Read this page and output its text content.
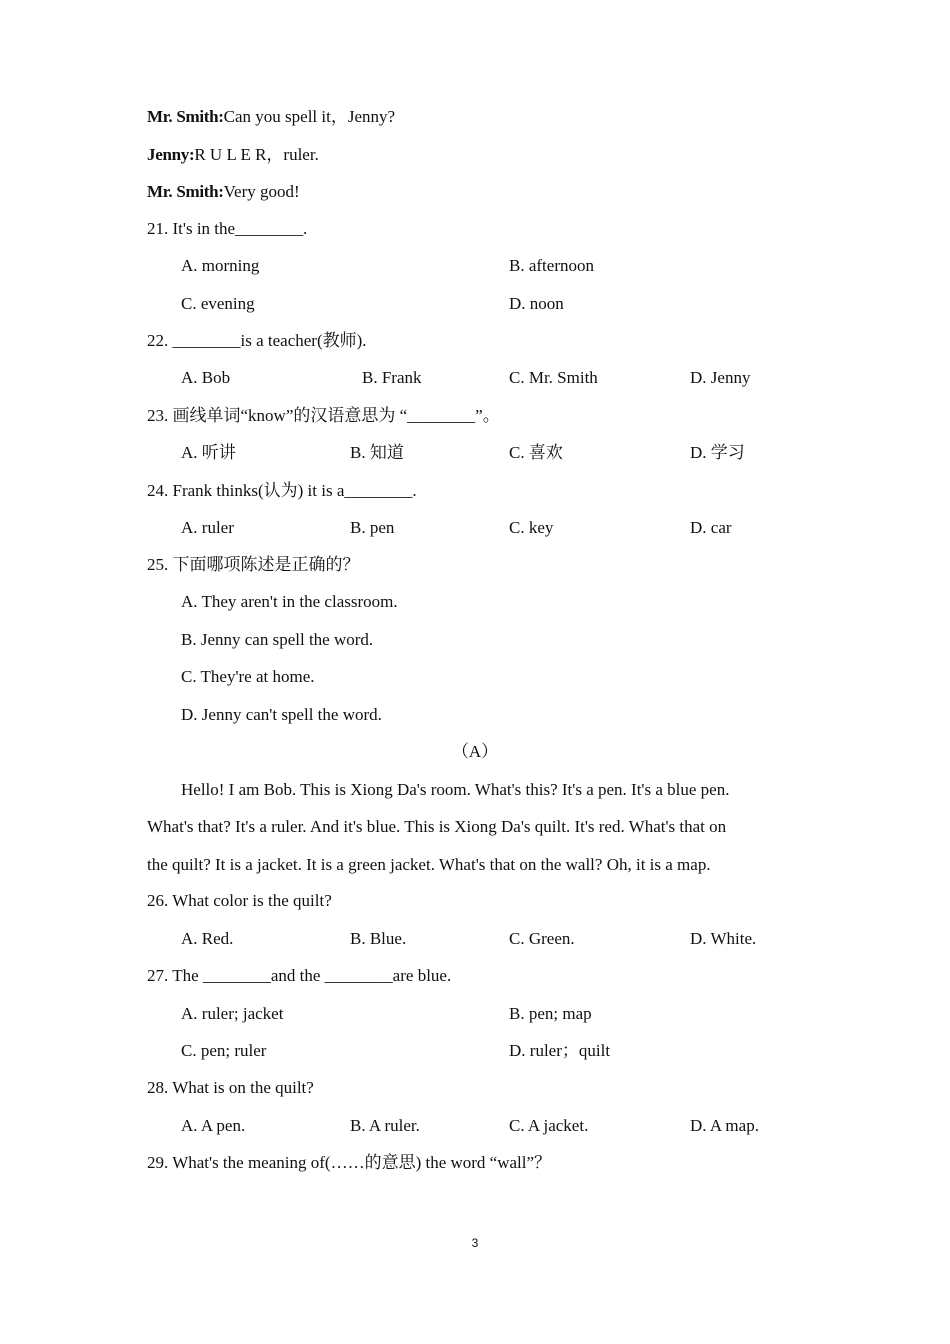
Mr. Smith:Can you spell it，Jenny?
Jenny:R U L E R，ruler.
Mr. Smith:Very good!
21. It's in the________.
A. morning	B. afternoon
C. evening	D. noon
22. ________is a teacher(教师).
A. Bob	B. Frank	C. Mr. Smith	D. Jenny
23. 画线单词“know”的汉语意思为 “________”。
A. 听讲	B. 知道	C. 喜欢	D. 学习
24. Frank thinks(认为) it is a________.
A. ruler	B. pen	C. key	D. car
25. 下面哪项陈述是正确的？
A. They aren't in the classroom.
B. Jenny can spell the word.
C. They're at home.
D. Jenny can't spell the word.
（A）
Hello! I am Bob. This is Xiong Da's room. What's this? It's a pen. It's a blue pen.
What's that? It's a ruler. And it's blue. This is Xiong Da's quilt. It's red. What's that on
the quilt? It is a jacket. It is a green jacket. What's that on the wall? Oh, it is a map.
26. What color is the quilt?
A. Red.	B. Blue.	C. Green.	D. White.
27. The ________and the ________are blue.
A. ruler; jacket	B. pen; map
C. pen; ruler	D. ruler；quilt
28. What is on the quilt?
A. A pen.	B. A ruler.	C. A jacket.	D. A map.
29. What's the meaning of(……的意思) the word “wall”？
3
